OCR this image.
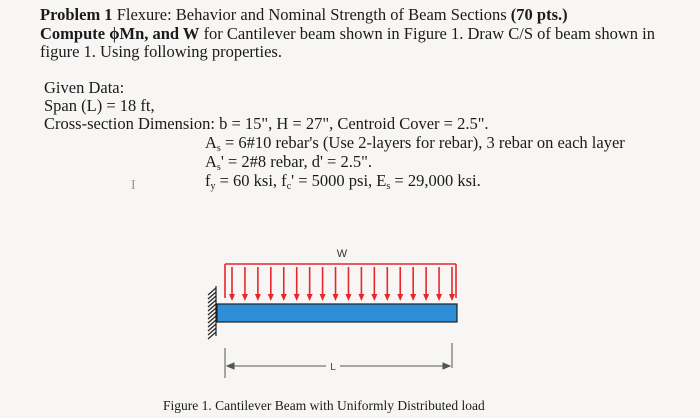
Problem 1 Flexure: Behavior and Nominal Strength of Beam Sections (70 pts.)
Compute ϕMn, and W for Cantilever beam shown in Figure 1. Draw C/S of beam shown in
figure 1. Using following properties.
Given Data:
Span (L) = 18 ft,
Cross-section Dimension: b = 15", H = 27", Centroid Cover = 2.5".
$A_s$ = 6#10 rebar's (Use 2-layers for rebar), 3 rebar on each layer
$A_s'$ = 2#8 rebar, d' = 2.5".
$f_y = 60$ ksi, $f_c' = 5000$ psi, $E_s = 29,000$ ksi.
I
W
L
Figure 1. Cantilever Beam with Uniformly Distributed load
